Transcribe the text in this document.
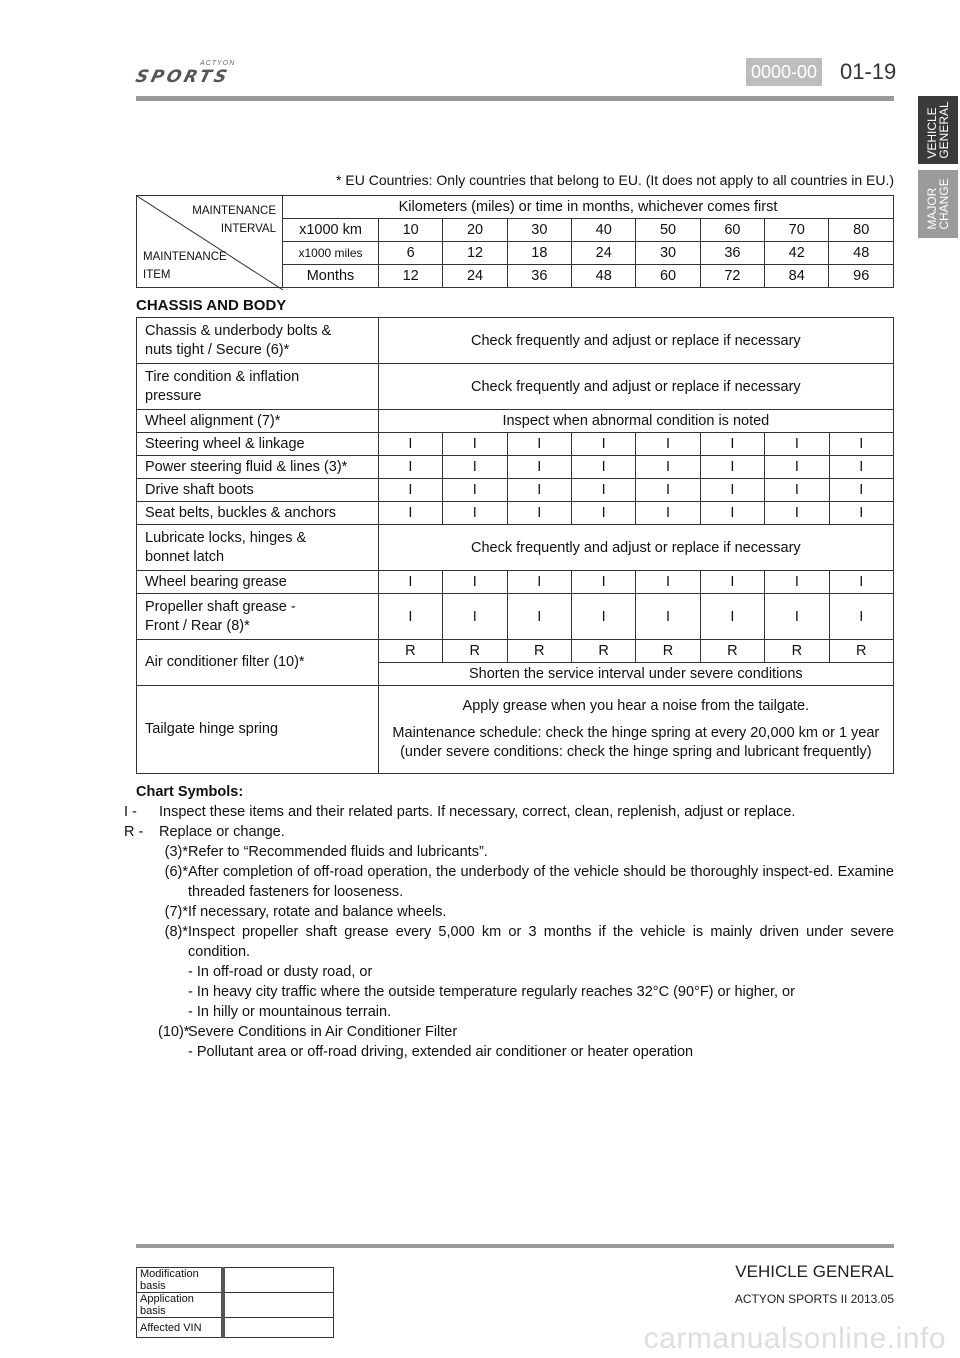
ACTYON
SPORTS	0000-00 01-19
VEHICLE
GENERAL
MAJOR
CHANGE
* EU Countries: Only countries that belong to EU. (It does not apply to all countries in EU.)
MAINTENANCE
INTERVAL
MAINTENANCE
ITEM	Kilometers (miles) or time in months, whichever comes first								
	x1000 km	10	20	30	40	50	60	70	80
	x1000 miles	6	12	18	24	30	36	42	48
	Months	12	24	36	48	60	72	84	96
CHASSIS AND BODY
Chassis & underbody bolts &
nuts tight / Secure (6)*	Check frequently and adjust or replace if necessary							
Tire condition & inflation
pressure	Check frequently and adjust or replace if necessary							
Wheel alignment (7)*	Inspect when abnormal condition is noted							
Steering wheel & linkage	I	I	I	I	I	I	I	I
Power steering fluid & lines (3)*	I	I	I	I	I	I	I	I
Drive shaft boots	I	I	I	I	I	I	I	I
Seat belts, buckles & anchors	I	I	I	I	I	I	I	I
Lubricate locks, hinges &
bonnet latch	Check frequently and adjust or replace if necessary							
Wheel bearing grease	I	I	I	I	I	I	I	I
Propeller shaft grease -
Front / Rear (8)*	I	I	I	I	I	I	I	I
Air conditioner filter (10)*	R	R	R	R	R	R	R	R
	Shorten the service interval under severe conditions							
Tailgate hinge spring	Apply grease when you hear a noise from the tailgate.

Maintenance schedule: check the hinge spring at every 20,000 km or 1 year (under severe conditions: check the hinge spring and lubricant frequently)							

Chart Symbols:
I -	Inspect these items and their related parts. If necessary, correct, clean, replenish, adjust or replace.
R -	Replace or change.
(3)* Refer to “Recommended fluids and lubricants”.
(6)* After completion of off-road operation, the underbody of the vehicle should be thoroughly inspect-ed. Examine threaded fasteners for looseness.
(7)* If necessary, rotate and balance wheels.
(8)* Inspect propeller shaft grease every 5,000 km or 3 months if the vehicle is mainly driven under severe condition.
- In off-road or dusty road, or
- In heavy city traffic where the outside temperature regularly reaches 32°C (90°F) or higher, or
- In hilly or mountainous terrain.
(10)*
Severe Conditions in Air Conditioner Filter
- Pollutant area or off-road driving, extended air conditioner or heater operation
Modification basis	
Application basis	
Affected VIN	
VEHICLE GENERAL
ACTYON SPORTS II 2013.05
carmanualsonline.info
